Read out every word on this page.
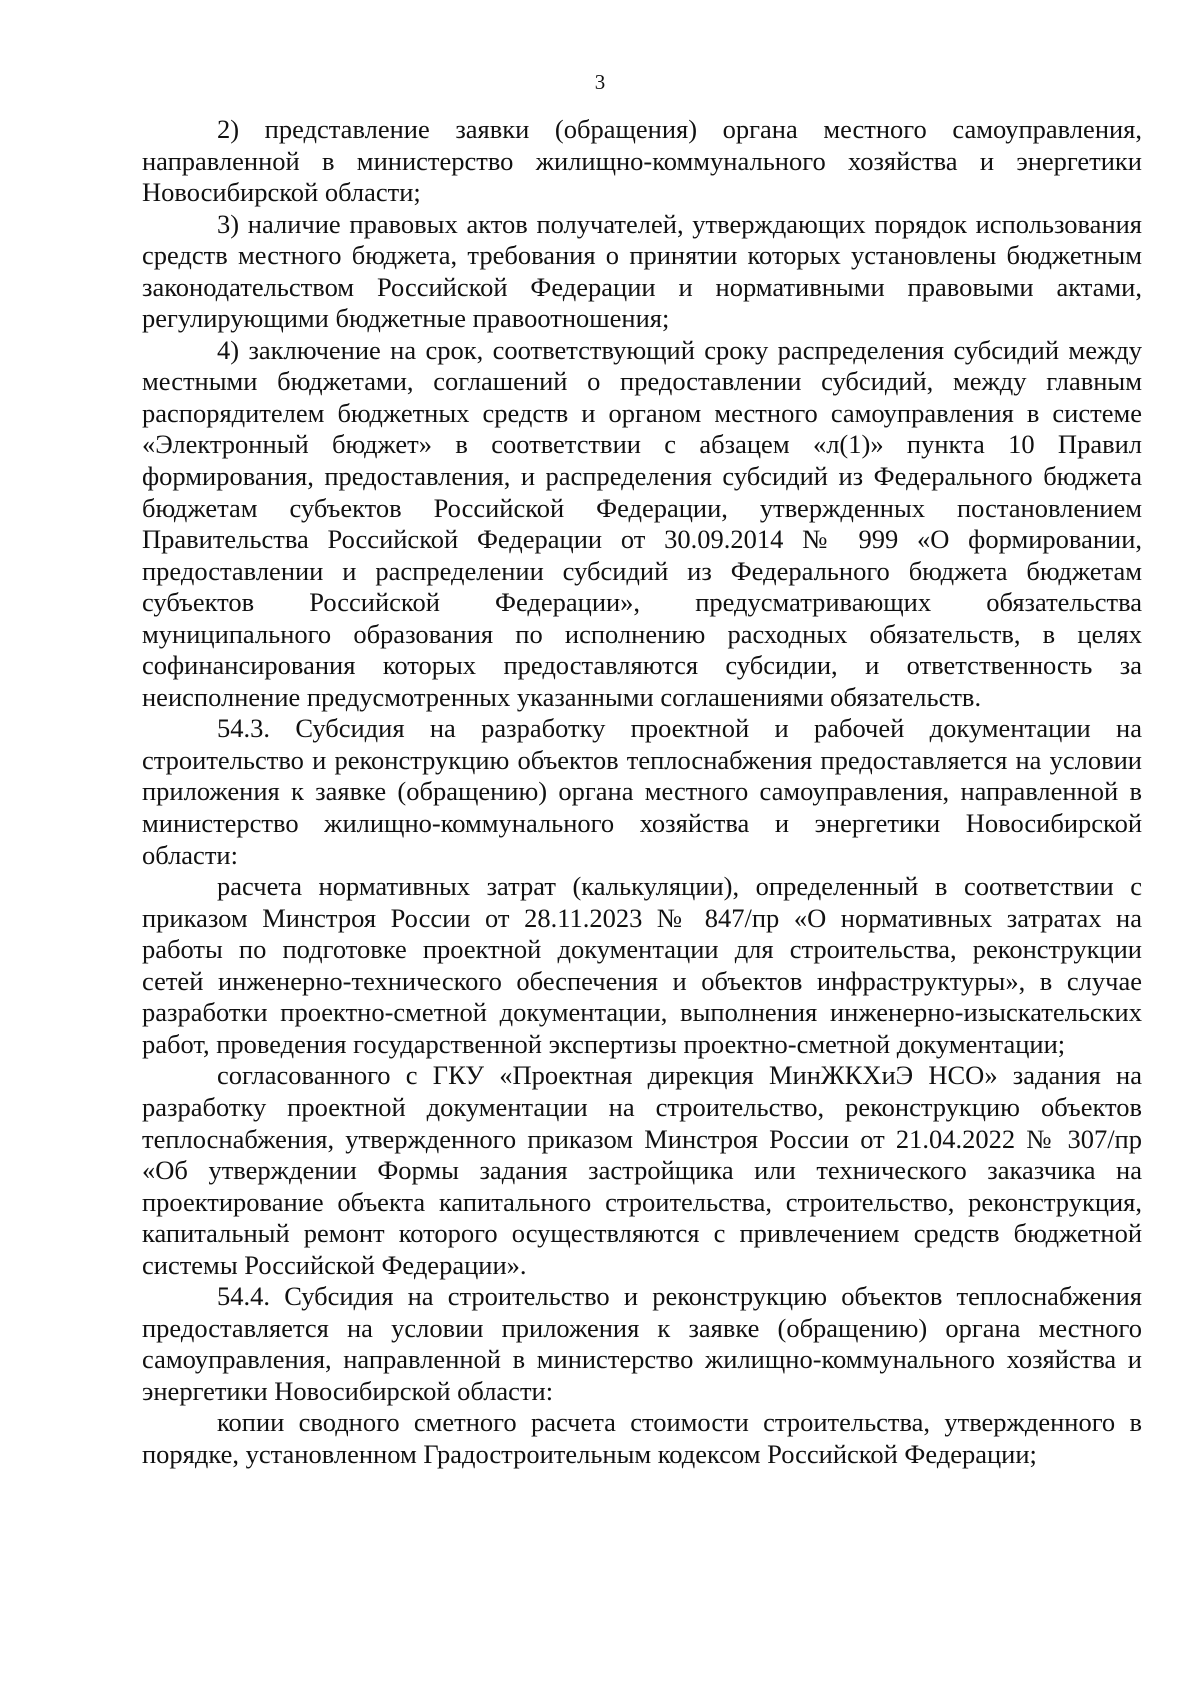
3

2) представление заявки (обращения) органа местного самоуправления, направленной в министерство жилищно-коммунального хозяйства и энергетики Новосибирской области;

3) наличие правовых актов получателей, утверждающих порядок использования средств местного бюджета, требования о принятии которых установлены бюджетным законодательством Российской Федерации и нормативными правовыми актами, регулирующими бюджетные правоотношения;

4) заключение на срок, соответствующий сроку распределения субсидий между местными бюджетами, соглашений о предоставлении субсидий, между главным распорядителем бюджетных средств и органом местного самоуправления в системе «Электронный бюджет» в соответствии с абзацем «л(1)» пункта 10 Правил формирования, предоставления, и распределения субсидий из Федерального бюджета бюджетам субъектов Российской Федерации, утвержденных постановлением Правительства Российской Федерации от 30.09.2014 № 999 «О формировании, предоставлении и распределении субсидий из Федерального бюджета бюджетам субъектов Российской Федерации», предусматривающих обязательства муниципального образования по исполнению расходных обязательств, в целях софинансирования которых предоставляются субсидии, и ответственность за неисполнение предусмотренных указанными соглашениями обязательств.

54.3. Субсидия на разработку проектной и рабочей документации на строительство и реконструкцию объектов теплоснабжения предоставляется на условии приложения к заявке (обращению) органа местного самоуправления, направленной в министерство жилищно-коммунального хозяйства и энергетики Новосибирской области:

расчета нормативных затрат (калькуляции), определенный в соответствии с приказом Минстроя России от 28.11.2023 № 847/пр «О нормативных затратах на работы по подготовке проектной документации для строительства, реконструкции сетей инженерно-технического обеспечения и объектов инфраструктуры», в случае разработки проектно-сметной документации, выполнения инженерно-изыскательских работ, проведения государственной экспертизы проектно-сметной документации;

согласованного с ГКУ «Проектная дирекция МинЖКХиЭ НСО» задания на разработку проектной документации на строительство, реконструкцию объектов теплоснабжения, утвержденного приказом Минстроя России от 21.04.2022 № 307/пр «Об утверждении Формы задания застройщика или технического заказчика на проектирование объекта капитального строительства, строительство, реконструкция, капитальный ремонт которого осуществляются с привлечением средств бюджетной системы Российской Федерации».

54.4. Субсидия на строительство и реконструкцию объектов теплоснабжения предоставляется на условии приложения к заявке (обращению) органа местного самоуправления, направленной в министерство жилищно-коммунального хозяйства и энергетики Новосибирской области:

копии сводного сметного расчета стоимости строительства, утвержденного в порядке, установленном Градостроительным кодексом Российской Федерации;
